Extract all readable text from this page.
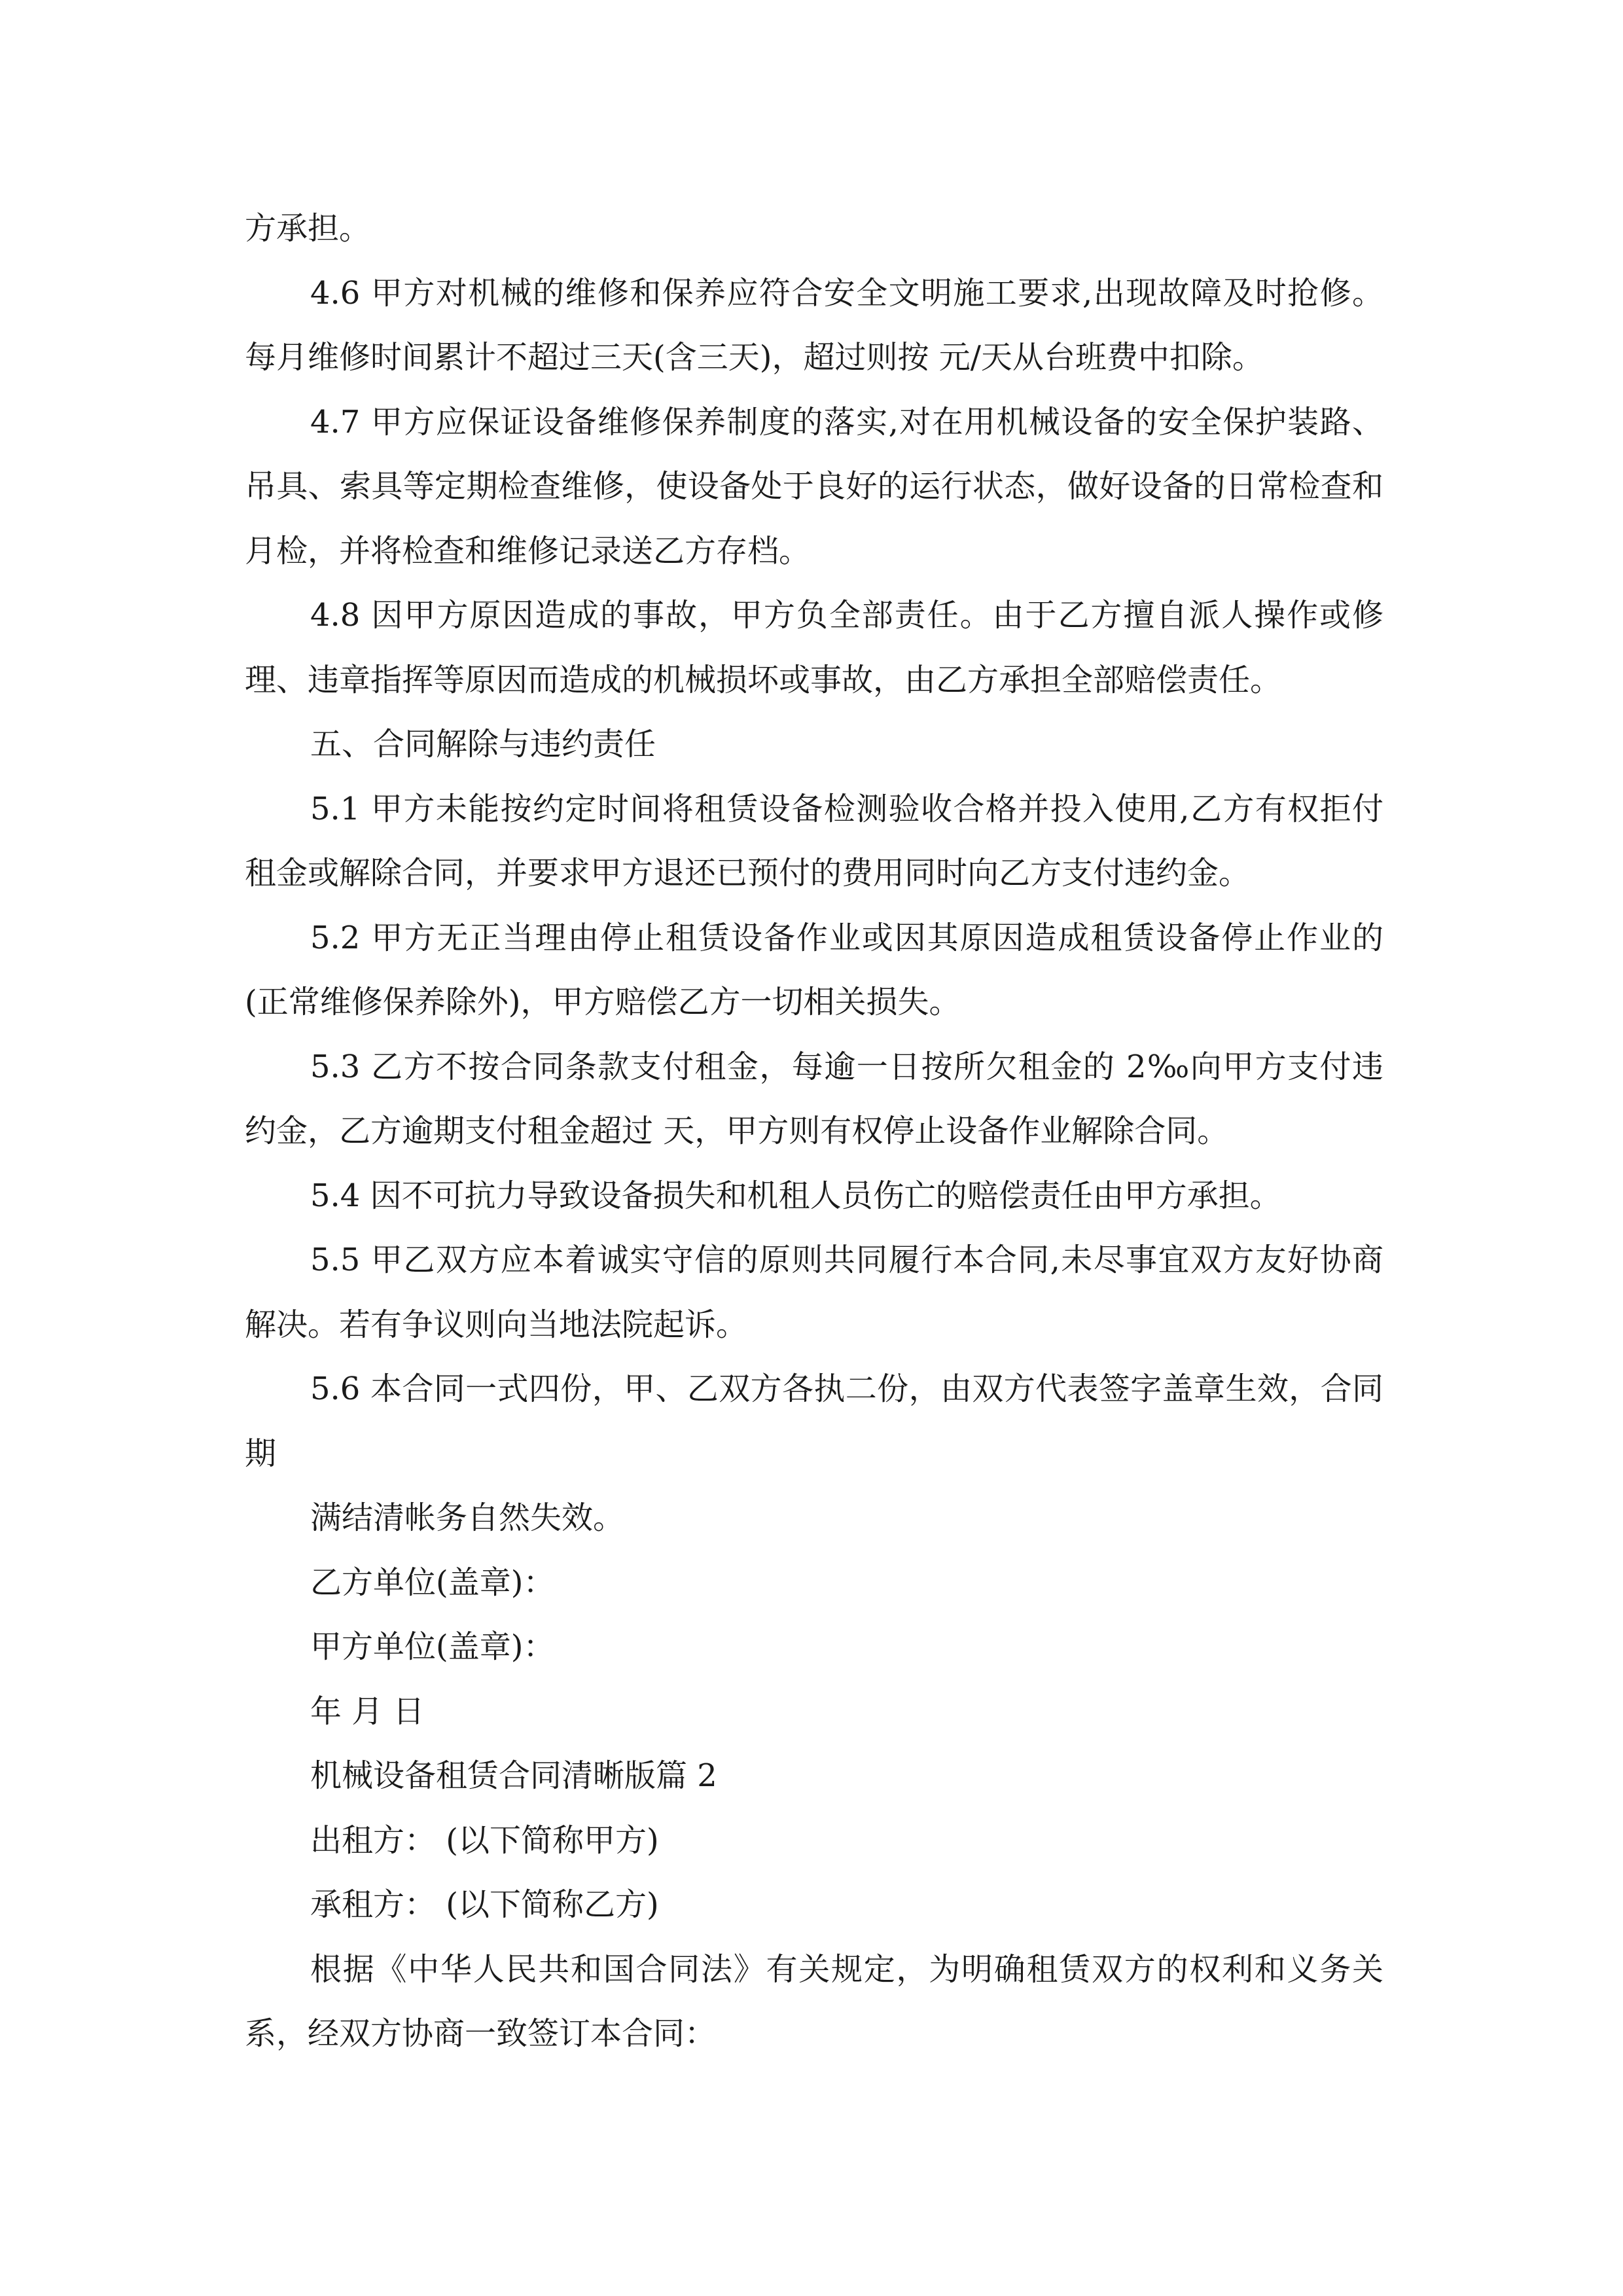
方承担。

4.6 甲方对机械的维修和保养应符合安全文明施工要求,出现故障及时抢修。每月维修时间累计不超过三天(含三天)，超过则按 元/天从台班费中扣除。

4.7 甲方应保证设备维修保养制度的落实,对在用机械设备的安全保护装路、吊具、索具等定期检查维修，使设备处于良好的运行状态，做好设备的日常检查和月检，并将检查和维修记录送乙方存档。

4.8 因甲方原因造成的事故，甲方负全部责任。由于乙方擅自派人操作或修理、违章指挥等原因而造成的机械损坏或事故，由乙方承担全部赔偿责任。

五、合同解除与违约责任

5.1 甲方未能按约定时间将租赁设备检测验收合格并投入使用,乙方有权拒付租金或解除合同，并要求甲方退还已预付的费用同时向乙方支付违约金。

5.2 甲方无正当理由停止租赁设备作业或因其原因造成租赁设备停止作业的(正常维修保养除外)，甲方赔偿乙方一切相关损失。

5.3 乙方不按合同条款支付租金，每逾一日按所欠租金的 2‰向甲方支付违约金，乙方逾期支付租金超过 天，甲方则有权停止设备作业解除合同。

5.4 因不可抗力导致设备损失和机租人员伤亡的赔偿责任由甲方承担。

5.5 甲乙双方应本着诚实守信的原则共同履行本合同,未尽事宜双方友好协商解决。若有争议则向当地法院起诉。

5.6 本合同一式四份，甲、乙双方各执二份，由双方代表签字盖章生效，合同期

满结清帐务自然失效。

乙方单位(盖章)：

甲方单位(盖章)：

年 月 日

机械设备租赁合同清晰版篇 2

出租方： (以下简称甲方)

承租方： (以下简称乙方)

根据《中华人民共和国合同法》有关规定，为明确租赁双方的权利和义务关系，经双方协商一致签订本合同：
